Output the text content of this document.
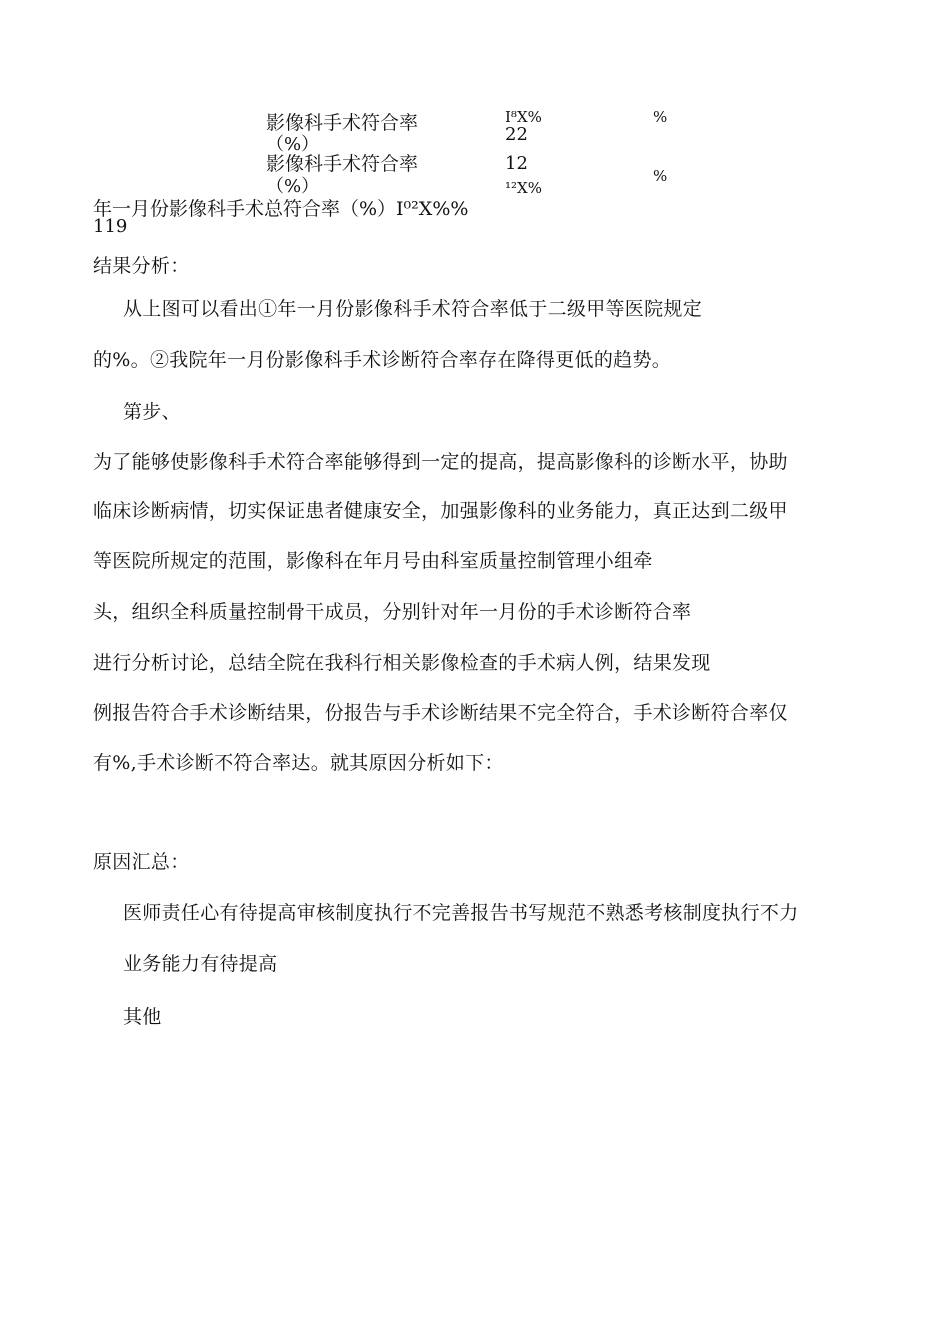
影像科手术符合率
（%）
I⁸X%
22
%
影像科手术符合率
（%）
12
¹²X%
%
年一月份影像科手术总符合率（%）I⁰²X%%
119
结果分析：
从上图可以看出①年一月份影像科手术符合率低于二级甲等医院规定
的%。②我院年一月份影像科手术诊断符合率存在降得更低的趋势。
第步、
为了能够使影像科手术符合率能够得到一定的提高，提高影像科的诊断水平，协助
临床诊断病情，切实保证患者健康安全，加强影像科的业务能力，真正达到二级甲
等医院所规定的范围，影像科在年月号由科室质量控制管理小组牵
头，组织全科质量控制骨干成员，分别针对年一月份的手术诊断符合率
进行分析讨论，总结全院在我科行相关影像检查的手术病人例，结果发现
例报告符合手术诊断结果，份报告与手术诊断结果不完全符合，手术诊断符合率仅
有%,手术诊断不符合率达。就其原因分析如下：
原因汇总：
医师责任心有待提高审核制度执行不完善报告书写规范不熟悉考核制度执行不力
业务能力有待提高
其他
